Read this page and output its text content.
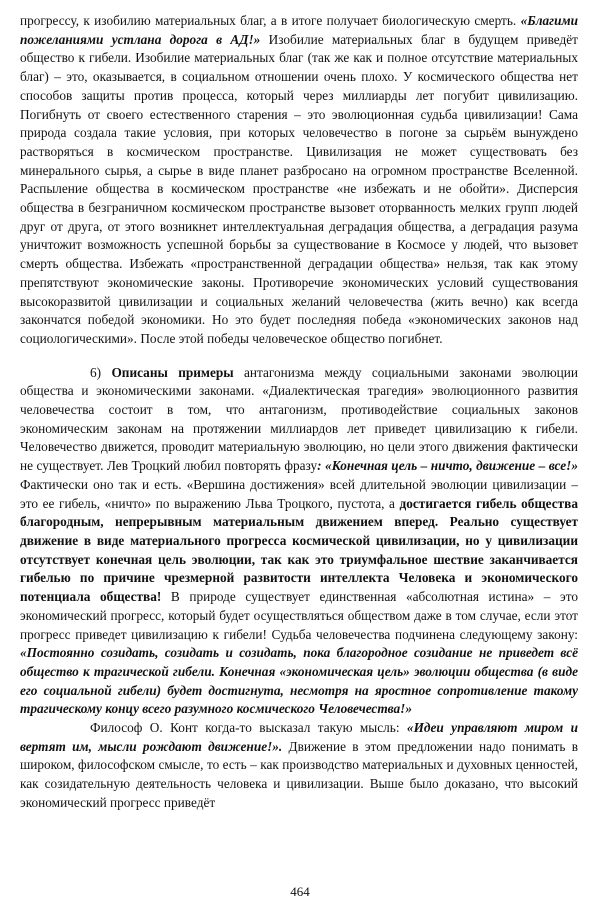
прогрессу, к изобилию материальных благ, а в итоге получает биологическую смерть. «Благими пожеланиями устлана дорога в АД!» Изобилие материальных благ в будущем приведёт общество к гибели. Изобилие материальных благ (так же как и полное отсутствие материальных благ) – это, оказывается, в социальном отношении очень плохо. У космического общества нет способов защиты против процесса, который через миллиарды лет погубит цивилизацию. Погибнуть от своего естественного старения – это эволюционная судьба цивилизации! Сама природа создала такие условия, при которых человечество в погоне за сырьём вынуждено растворяться в космическом пространстве. Цивилизация не может существовать без минерального сырья, а сырье в виде планет разбросано на огромном пространстве Вселенной. Распыление общества в космическом пространстве «не избежать и не обойти». Дисперсия общества в безграничном космическом пространстве вызовет оторванность мелких групп людей друг от друга, от этого возникнет интеллектуальная деградация общества, а деградация разума уничтожит возможность успешной борьбы за существование в Космосе у людей, что вызовет смерть общества. Избежать «пространственной деградации общества» нельзя, так как этому препятствуют экономические законы. Противоречие экономических условий существования высокоразвитой цивилизации и социальных желаний человечества (жить вечно) как всегда закончатся победой экономики. Но это будет последняя победа «экономических законов над социологическими». После этой победы человеческое общество погибнет.

6) Описаны примеры антагонизма между социальными законами эволюции общества и экономическими законами. «Диалектическая трагедия» эволюционного развития человечества состоит в том, что антагонизм, противодействие социальных законов экономическим законам на протяжении миллиардов лет приведет цивилизацию к гибели. Человечество движется, проводит материальную эволюцию, но цели этого движения фактически не существует. Лев Троцкий любил повторять фразу: «Конечная цель – ничто, движение – все!» Фактически оно так и есть. «Вершина достижения» всей длительной эволюции цивилизации – это ее гибель, «ничто» по выражению Льва Троцкого, пустота, а достигается гибель общества благородным, непрерывным материальным движением вперед. Реально существует движение в виде материального прогресса космической цивилизации, но у цивилизации отсутствует конечная цель эволюции, так как это триумфальное шествие заканчивается гибелью по причине чрезмерной развитости интеллекта Человека и экономического потенциала общества! В природе существует единственная «абсолютная истина» – это экономический прогресс, который будет осуществляться обществом даже в том случае, если этот прогресс приведет цивилизацию к гибели! Судьба человечества подчинена следующему закону: «Постоянно созидать, созидать и созидать, пока благородное созидание не приведет всё общество к трагической гибели. Конечная «экономическая цель» эволюции общества (в виде его социальной гибели) будет достигнута, несмотря на яростное сопротивление такому трагическому концу всего разумного космического Человечества!»

Философ О. Конт когда-то высказал такую мысль: «Идеи управляют миром и вертят им, мысли рождают движение!». Движение в этом предложении надо понимать в широком, философском смысле, то есть – как производство материальных и духовных ценностей, как созидательную деятельность человека и цивилизации. Выше было доказано, что высокий экономический прогресс приведёт

464
